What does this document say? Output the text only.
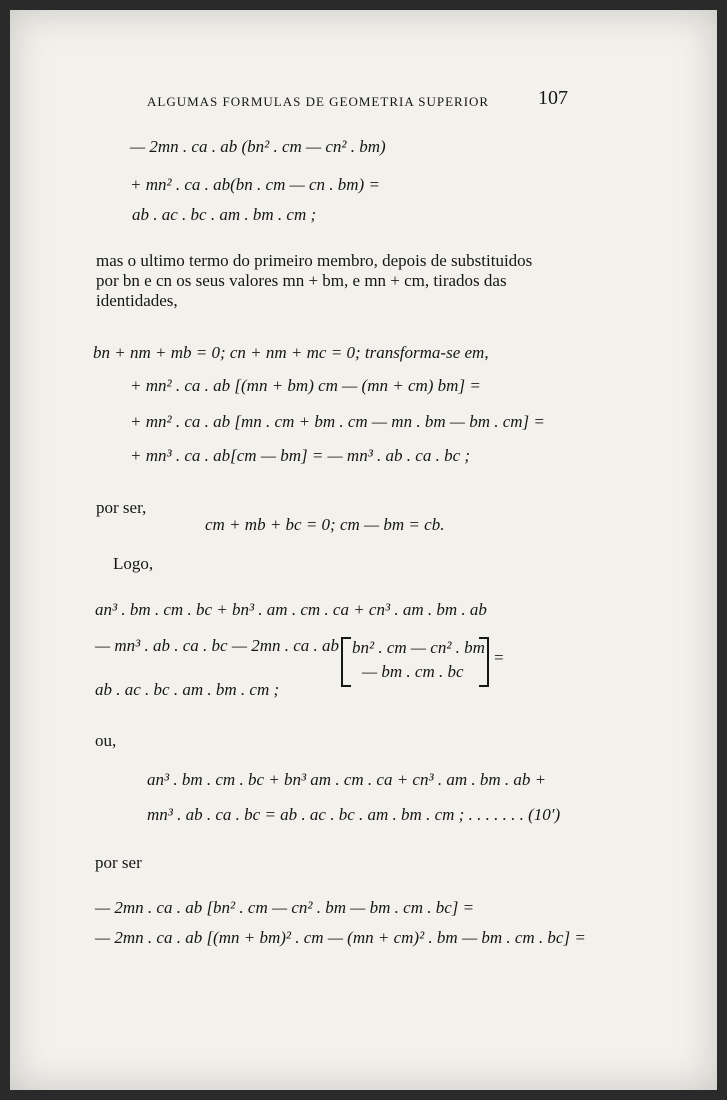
ALGUMAS FORMULAS DE GEOMETRIA SUPERIOR 107
— 2mn . ca . ab (bn² . cm — cn² . bm)
+ mn² . ca . ab(bn . cm — cn . bm) =
ab . ac . bc . am . bm . cm ;
mas o ultimo termo do primeiro membro, depois de substituidos
por bn e cn os seus valores mn + bm, e mn + cm, tirados das
identidades,
bn + nm + mb = 0; cn + nm + mc = 0; transforma-se em,
+ mn² . ca . ab [(mn + bm) cm — (mn + cm) bm] =
+ mn² . ca . ab [mn . cm + bm . cm — mn . bm — bm . cm] =
+ mn³ . ca . ab[cm — bm] = — mn³ . ab . ca . bc ;
por ser,
cm + mb + bc = 0; cm — bm = cb.
Logo,
an³ . bm . cm . bc + bn³ . am . cm . ca + cn³ . am . bm . ab
— mn³ . ab . ca . bc — 2mn . ca . ab bn² . cm — cn² . bm
— bm . cm . bc
=
ab . ac . bc . am . bm . cm ;
ou,
an³ . bm . cm . bc + bn³ am . cm . ca + cn³ . am . bm . ab +
mn³ . ab . ca . bc = ab . ac . bc . am . bm . cm ; . . . . . . . (10′)
por ser
— 2mn . ca . ab [bn² . cm — cn² . bm — bm . cm . bc] =
— 2mn . ca . ab [(mn + bm)² . cm — (mn + cm)² . bm — bm . cm . bc] =
